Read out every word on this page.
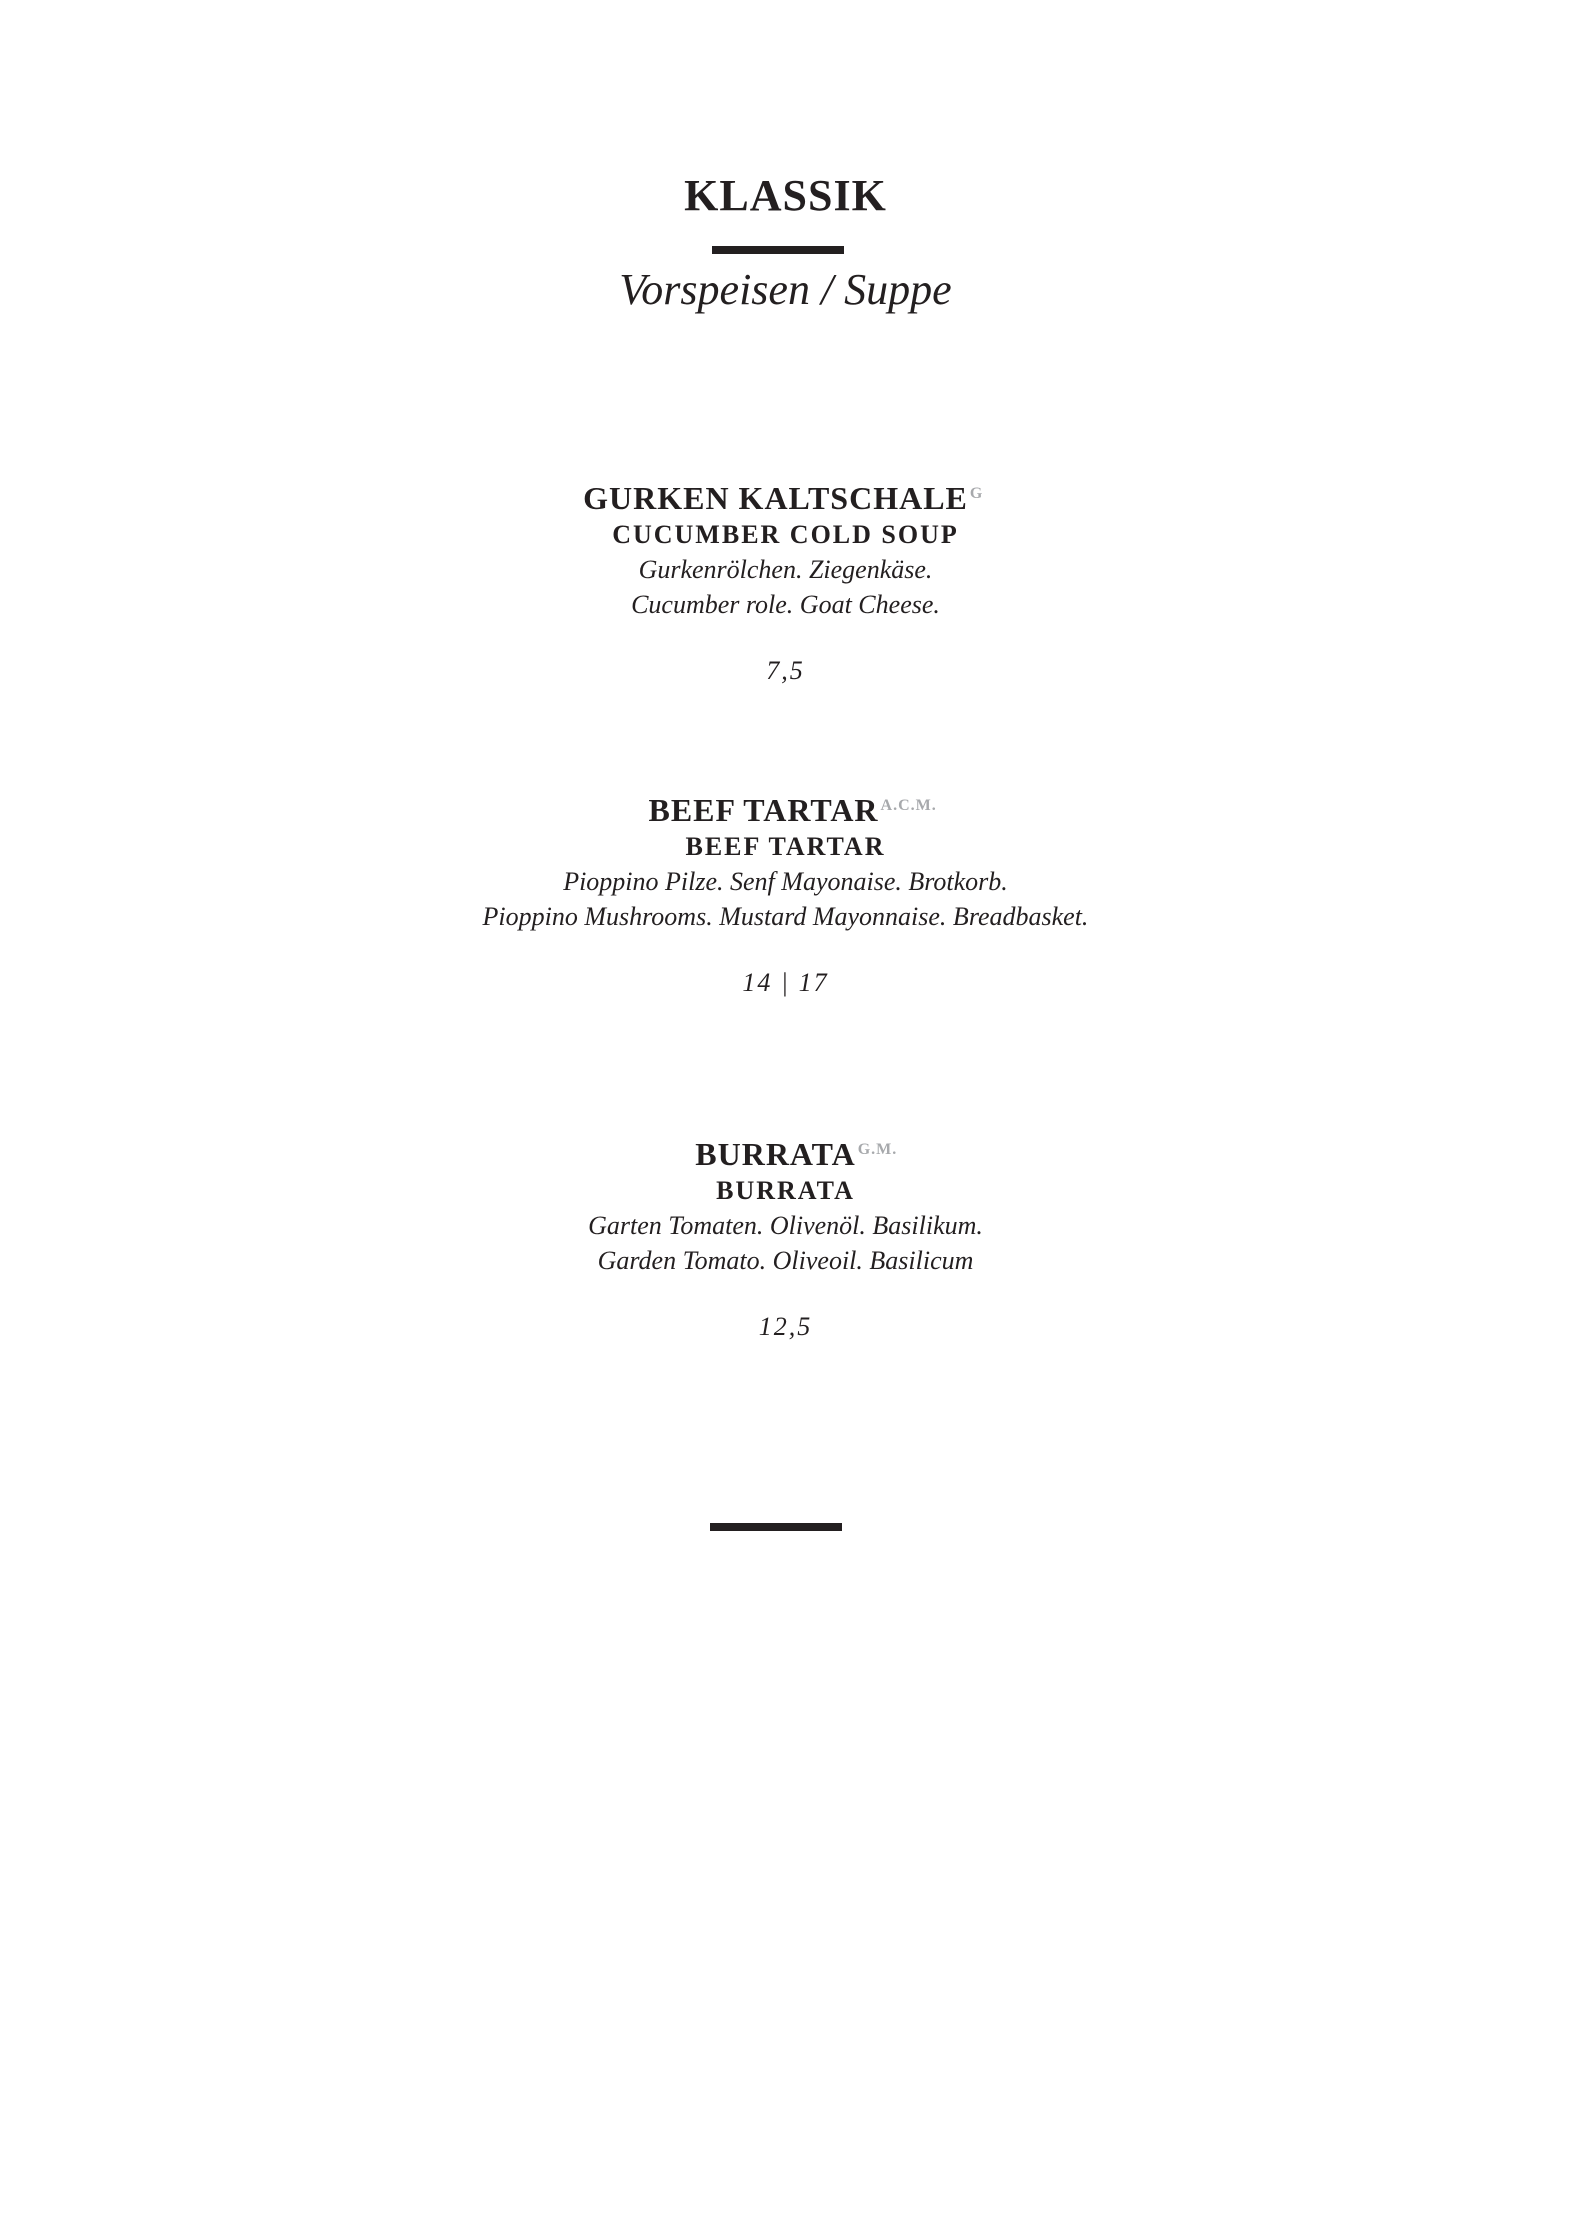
KLASSIK
Vorspeisen / Suppe
GURKEN KALTSCHALE G
CUCUMBER COLD SOUP
Gurkenrölchen. Ziegenkäse.
Cucumber role. Goat Cheese.
7,5
BEEF TARTAR A.C.M.
BEEF TARTAR
Pioppino Pilze. Senf Mayonaise. Brotkorb.
Pioppino Mushrooms. Mustard Mayonnaise. Breadbasket.
14 | 17
BURRATA G.M.
BURRATA
Garten Tomaten. Olivenöl. Basilikum.
Garden Tomato. Oliveoil. Basilicum
12,5
